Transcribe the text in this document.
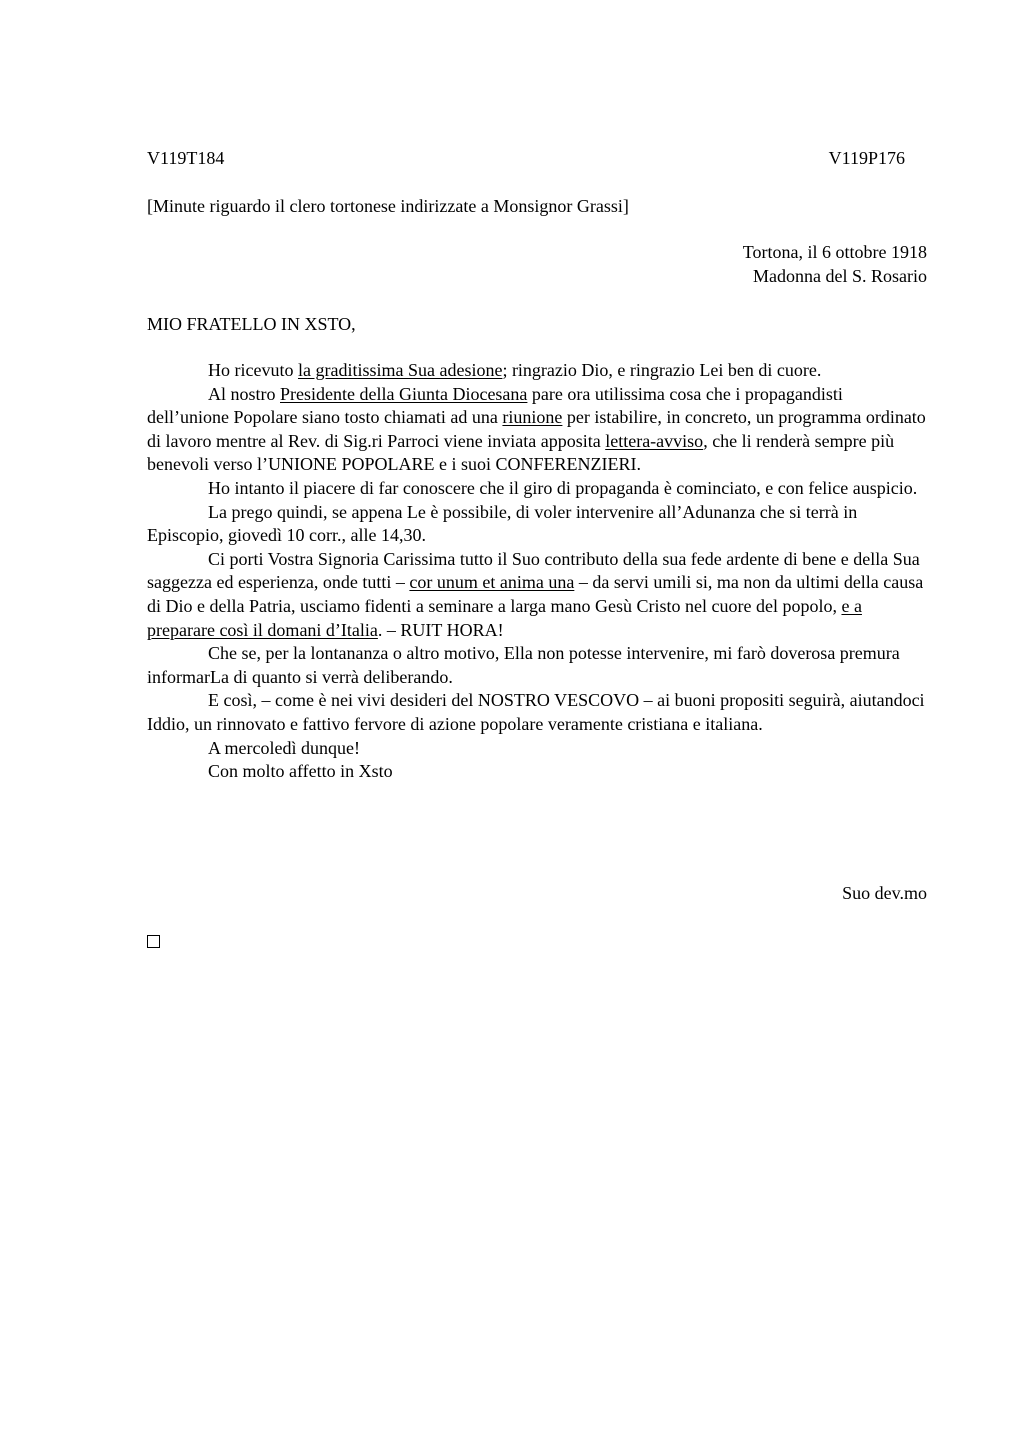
V119T184	V119P176
[Minute riguardo il clero tortonese indirizzate a Monsignor Grassi]
Tortona, il 6 ottobre 1918
Madonna del S. Rosario
MIO FRATELLO IN XSTO,

Ho ricevuto la graditissima Sua adesione; ringrazio Dio, e ringrazio Lei ben di cuore.

Al nostro Presidente della Giunta Diocesana pare ora utilissima cosa che i propagandisti dell’unione Popolare siano tosto chiamati ad una riunione per istabilire, in concreto, un programma ordinato di lavoro mentre al Rev. di Sig.ri Parroci viene inviata apposita lettera-avviso, che li renderà sempre più benevoli verso l’UNIONE POPOLARE e i suoi CONFERENZIERI.

Ho intanto il piacere di far conoscere che il giro di propaganda è cominciato, e con felice auspicio.

La prego quindi, se appena Le è possibile, di voler intervenire all’Adunanza che si terrà in Episcopio, giovedì 10 corr., alle 14,30.

Ci porti Vostra Signoria Carissima tutto il Suo contributo della sua fede ardente di bene e della Sua saggezza ed esperienza, onde tutti – cor unum et anima una – da servi umili si, ma non da ultimi della causa di Dio e della Patria, usciamo fidenti a seminare a larga mano Gesù Cristo nel cuore del popolo, e a preparare così il domani d’Italia. – RUIT HORA!

Che se, per la lontananza o altro motivo, Ella non potesse intervenire, mi farò doverosa premura informarLa di quanto si verrà deliberando.

E così, – come è nei vivi desideri del NOSTRO VESCOVO – ai buoni propositi seguirà, aiutandoci Iddio, un rinnovato e fattivo fervore di azione popolare veramente cristiana e italiana.

A mercoledì dunque!

Con molto affetto in Xsto

Suo dev.mo
